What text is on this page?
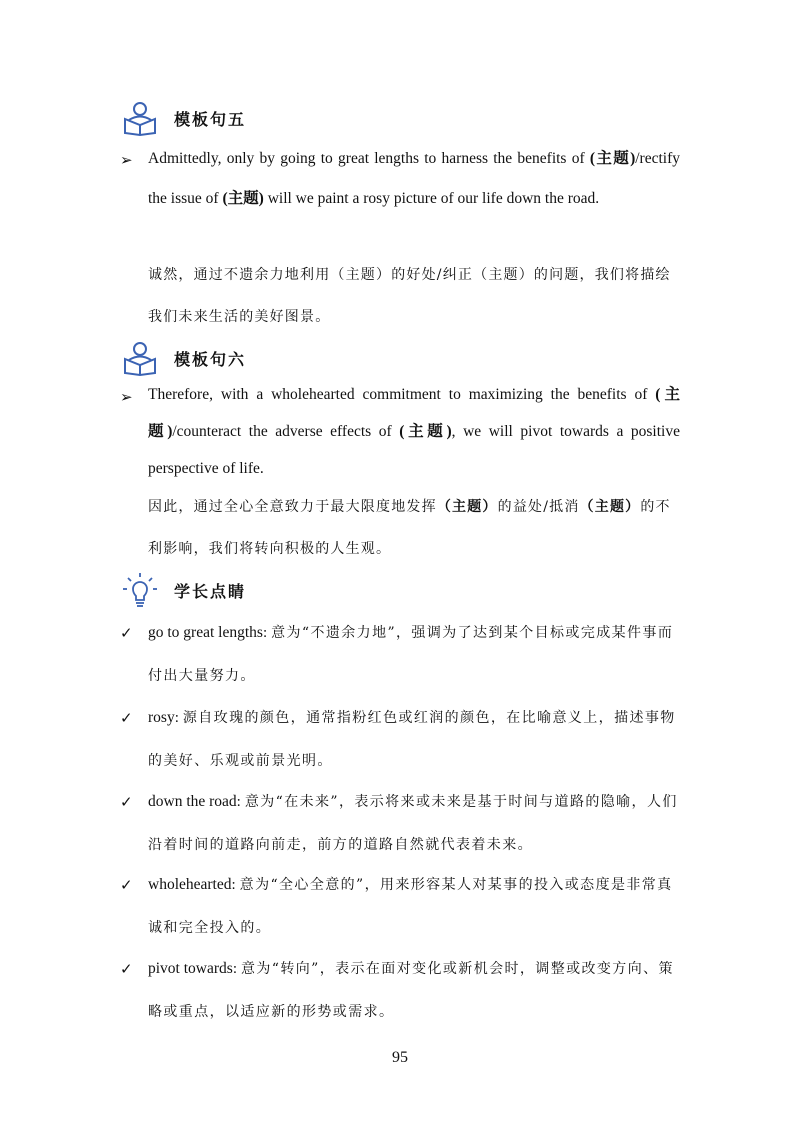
模板句五
➢ Admittedly, only by going to great lengths to harness the benefits of (主题)/rectify the issue of (主题) will we paint a rosy picture of our life down the road.
诚然，通过不遗余力地利用（主题）的好处/纠正（主题）的问题，我们将描绘我们未来生活的美好图景。
模板句六
➢ Therefore, with a wholehearted commitment to maximizing the benefits of (主题)/counteract the adverse effects of (主题), we will pivot towards a positive perspective of life.
因此，通过全心全意致力于最大限度地发挥（主题）的益处/抵消（主题）的不利影响，我们将转向积极的人生观。
学长点睛
✓ go to great lengths: 意为“不遗余力地”，强调为了达到某个目标或完成某件事而付出大量努力。
✓ rosy: 源自玫瑰的颜色，通常指粉红色或红润的颜色，在比喻意义上，描述事物的美好、乐观或前景光明。
✓ down the road: 意为“在未来”，表示将来或未来是基于时间与道路的隐喻，人们沿着时间的道路向前走，前方的道路自然就代表着未来。
✓ wholehearted: 意为“全心全意的”，用来形容某人对某事的投入或态度是非常真诚和完全投入的。
✓ pivot towards: 意为“转向”，表示在面对变化或新机会时，调整或改变方向、策略或重点，以适应新的形势或需求。
95
